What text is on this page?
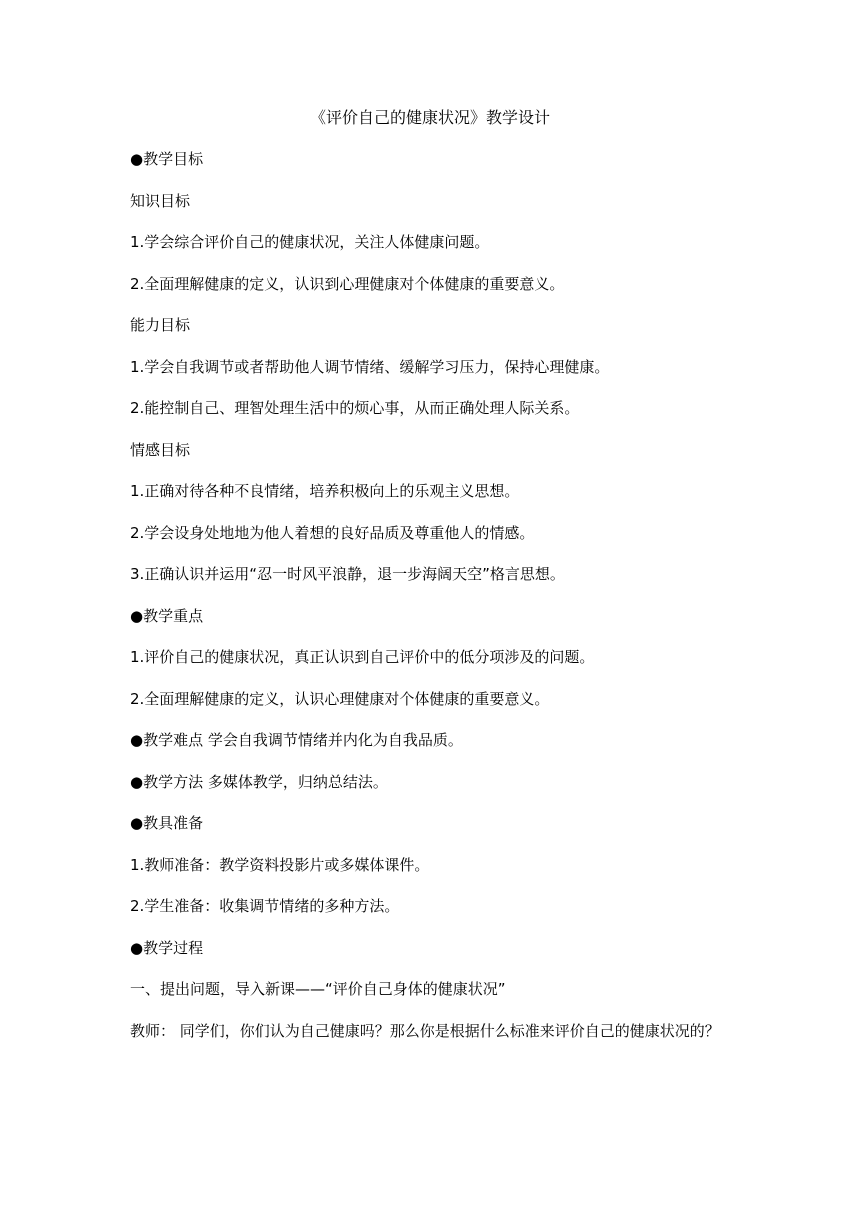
《评价自己的健康状况》教学设计

●教学目标

知识目标

1.学会综合评价自己的健康状况，关注人体健康问题。

2.全面理解健康的定义，认识到心理健康对个体健康的重要意义。

能力目标

1.学会自我调节或者帮助他人调节情绪、缓解学习压力，保持心理健康。

2.能控制自己、理智处理生活中的烦心事，从而正确处理人际关系。

情感目标

1.正确对待各种不良情绪，培养积极向上的乐观主义思想。

2.学会设身处地地为他人着想的良好品质及尊重他人的情感。

3.正确认识并运用“忍一时风平浪静，退一步海阔天空”格言思想。

●教学重点

1.评价自己的健康状况，真正认识到自己评价中的低分项涉及的问题。

2.全面理解健康的定义，认识心理健康对个体健康的重要意义。

●教学难点 学会自我调节情绪并内化为自我品质。

●教学方法 多媒体教学，归纳总结法。

●教具准备

1.教师准备：教学资料投影片或多媒体课件。

2.学生准备：收集调节情绪的多种方法。

●教学过程

一、提出问题，导入新课——“评价自己身体的健康状况”

教师： 同学们，你们认为自己健康吗？那么你是根据什么标准来评价自己的健康状况的？
